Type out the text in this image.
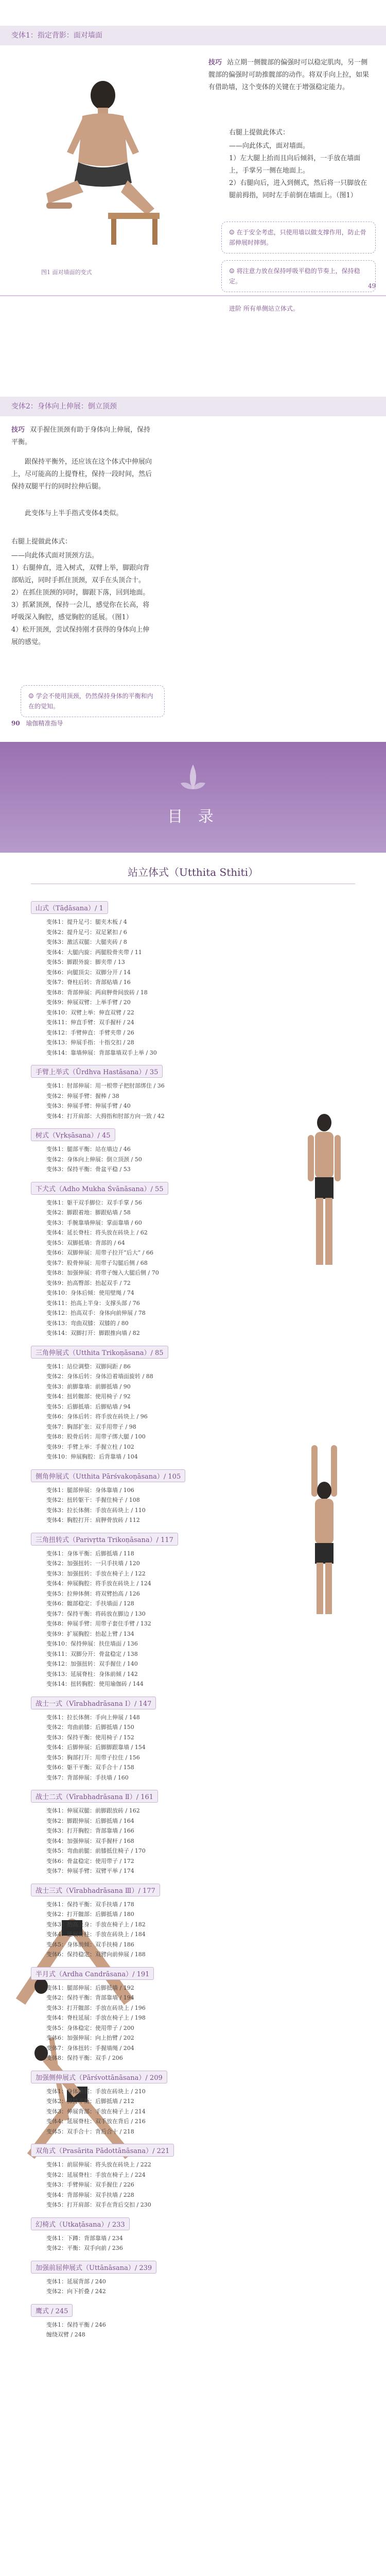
变体1：指定背影：面对墙面
图1 面对墙面的变式
技巧 站立期一侧髋部的偏强时可以稳定肌肉，另一侧髋部的偏强时可助推髋部的动作。将双手向上拉，如果有借助墙，这个变体的关键在于增强稳定能力。
右腿上提做此体式：
——向此体式，面对墙面。
1）左大腿上抬而且向后倾斜，一手放在墙面上，手掌另一侧在地面上。
2）右腿向后，进入到侧式，然后将一只脚放在腿前拇指，同时左手前倒在墙面上。（图1）
☺ 在于安全考虑，只使用墙以做支撑作用，防止骨部伸展时摔倒。
☺ 将注意力放在保持呼吸平稳的节奏上，保持稳定。
进阶 所有单侧站立体式。
49
变体2：身体向上伸展：倒立顶颈
技巧 双手握住顶颈有助于身体向上伸展，保持平衡。
跟保持平衡外，还应该在这个体式中伸展向上，尽可能高的上提脊柱，保持一段时间，然后保持双腿平行的同时拉伸后腿。
此变体与上半手指式变体4类似。
右腿上提做此体式：
——向此体式面对顶颈方法。
1）右腿伸直，进入树式，双臂上举，脚跟向背部贴近，同时手抓住顶颈，双手在头顶合十。
2）在抓住顶颈的同时，脚跟下落，回到地面。
3）抓紧顶颈，保持一会儿，感觉你在长高，将呼吸深入胸腔，感觉胸腔的延展。（图1）
4）松开顶颈，尝试保持刚才获得的身体向上伸展的感觉。
☺ 学会不使用顶颈，仍然保持身体的平衡和内在的觉知。
90 瑜伽精准指导
目 录
站立体式（Utthita Sthiti）
山式（Tāḍāsana）/ 1
变体1：提升足弓：腿夹木板 / 4
变体2：提升足弓：双足紧扣 / 6
变体3：激活双腿：大腿夹砖 / 8
变体4：大腿内旋：两腿股骨夹带 / 11
变体5：脚跟外旋：脚夹带 / 13
变体6：向腿顶尖：双脚分开 / 14
变体7：脊柱后转：背部贴墙 / 16
变体8：背部伸展：两肩胛骨间放砖 / 18
变体9：伸展双臂：上举手臂 / 20
变体10：双臂上举：伸直双臂 / 22
变体11：伸直手臂：双手握杆 / 24
变体12：手臂伸直：手臂夹带 / 26
变体13：伸展手指：十指交扣 / 28
变体14：靠墙伸展：背部靠墙双手上举 / 30
手臂上举式（Ūrdhva Hastāsana）/ 35
变体1：肘部伸展：用一根带子把肘部绑住 / 36
变体2：伸展手臂：握棒 / 38
变体3：伸展手臂：伸展手臂 / 40
变体4：打开肩部：大拇指和肘部方向一致 / 42
树式（Vṛkṣāsana）/ 45
变体1：腿部平衡：站在墙边 / 46
变体2：身体向上伸展：倒立顶颈 / 50
变体3：保持平衡：骨盆平稳 / 53
下犬式（Adho Mukha Śvānāsana）/ 55
变体1：躯干双手脚位：双手手掌 / 56
变体2：脚跟着地：脚跟贴墙 / 58
变体3：手腕靠墙伸展：掌面靠墙 / 60
变体4：延长脊柱：将头放在砖块上 / 62
变体5：双脚抵墙：背部的 / 64
变体6：双脚伸展：用带子拉开“后大” / 66
变体7：股骨伸展：用带子勾腿后侧 / 68
变体8：加强伸展：将带子缠入大腿后侧 / 70
变体9：抬高臀部：抬起双手 / 72
变体10：身体后倾：使用壁绳 / 74
变体11：抬高上半身：支撑头部 / 76
变体12：抬高双手：身体向前伸展 / 78
变体13：弯曲双膝：双膝的 / 80
变体14：双脚打开：脚跟推向墙 / 82
三角伸展式（Utthita Trikoṇāsana）/ 85
变体1：站位调整：双脚间距 / 86
变体2：身体后转：身体沿着墙面旋转 / 88
变体3：前脚靠墙：前脚抵墙 / 90
变体4：扭转髋部：使用椅子 / 92
变体5：后脚抵墙：后脚贴墙 / 94
变体6：身体后转：将手放在砖块上 / 96
变体7：胸部扩张：双手用带子 / 98
变体8：股骨后转：用带子绑大腿 / 100
变体9：手臂上举：手握立柱 / 102
变体10：伸展胸腔：后背靠墙 / 104
侧角伸展式（Utthita Pārśvakoṇāsana）/ 105
变体1：腿部伸展：身体靠墙 / 106
变体2：扭转躯干：手握住椅子 / 108
变体3：拉长体侧：手放在砖块上 / 110
变体4：胸腔打开：肩胛骨放砖 / 112
三角扭转式（Parivṛtta Trikoṇāsana）/ 117
变体1：身体平衡：后脚抵墙 / 118
变体2：加强扭转：一只手扶墙 / 120
变体3：加强扭转：手放在椅子上 / 122
变体4：伸展胸腔：将手放在砖块上 / 124
变体5：拉伸体侧：将双臂抬高 / 126
变体6：髋部稳定：手扶墙面 / 128
变体7：保持平衡：将砖放在脚边 / 130
变体8：伸展手臂：用带子套住手臂 / 132
变体9：扩展胸腔：抬起上臂 / 134
变体10：保持伸展：扶住墙面 / 136
变体11：双脚分开：骨盆稳定 / 138
变体12：加强扭转：双手握住 / 140
变体13：延展脊柱：身体前倾 / 142
变体14：扭转胸腔：使用瑜伽砖 / 144
战士一式（Vīrabhadrāsana Ⅰ）/ 147
变体1：拉长体侧：手向上伸展 / 148
变体2：弯曲前膝：后脚抵墙 / 150
变体3：保持平衡：使用椅子 / 152
变体4：后脚伸展：后脚脚跟靠墙 / 154
变体5：胸部打开：用带子拉住 / 156
变体6：躯干平衡：双手合十 / 158
变体7：背部伸展：手扶墙 / 160
战士二式（Vīrabhadrāsana Ⅱ）/ 161
变体1：伸展双腿：前脚跟放砖 / 162
变体2：脚跟伸展：后脚抵墙 / 164
变体3：打开胸腔：背部靠墙 / 166
变体4：加强伸展：双手握杆 / 168
变体5：弯曲前腿：前膝抵住椅子 / 170
变体6：骨盆稳定：使用带子 / 172
变体7：伸展手臂：双臂平举 / 174
战士三式（Vīrabhadrāsana Ⅲ）/ 177
变体1：保持平衡：双手扶墙 / 178
变体2：打开髋部：后脚抵墙 / 180
变体3：抬高上身：手放在椅子上 / 182
变体4：延展脊柱：手放在砖块上 / 184
变体5：身体前倾：双手扶椅 / 186
变体6：保持稳定：双臂向前伸展 / 188
半月式（Ardha Candrāsana）/ 191
变体1：腿部伸展：后脚抵墙 / 192
变体2：保持平衡：背部靠墙 / 194
变体3：打开髋部：手放在砖块上 / 196
变体4：脊柱延展：手放在椅子上 / 198
变体5：身体稳定：使用带子 / 200
变体6：加强伸展：向上抬臂 / 202
变体7：身体扭转：手握墙绳 / 204
变体8：保持平衡：双手 / 206
加强侧伸展式（Pārśvottānāsana）/ 209
变体1：身体前屈：手放在砖块上 / 210
变体2：保持平衡：后脚抵墙 / 212
变体3：伸展背部：手放在椅子上 / 214
变体4：延展脊柱：双手放在背后 / 216
变体5：双手合十：背后合十 / 218
双角式（Prasārita Pādottānāsana）/ 221
变体1：前屈伸展：将头放在砖块上 / 222
变体2：延展脊柱：手放在椅子上 / 224
变体3：手臂伸展：双手握住 / 226
变体4：背部伸展：双手扶墙 / 228
变体5：打开肩部：双手在背后交扣 / 230
幻椅式（Utkaṭāsana）/ 233
变体1：下蹲：背部靠墙 / 234
变体2：平衡：双手向前 / 236
加强前屈伸展式（Uttānāsana）/ 239
变体1：延展背部 / 240
变体2：向下折叠 / 242
鹰式 / 245
变体1：保持平衡 / 246
缠绕双臂 / 248
